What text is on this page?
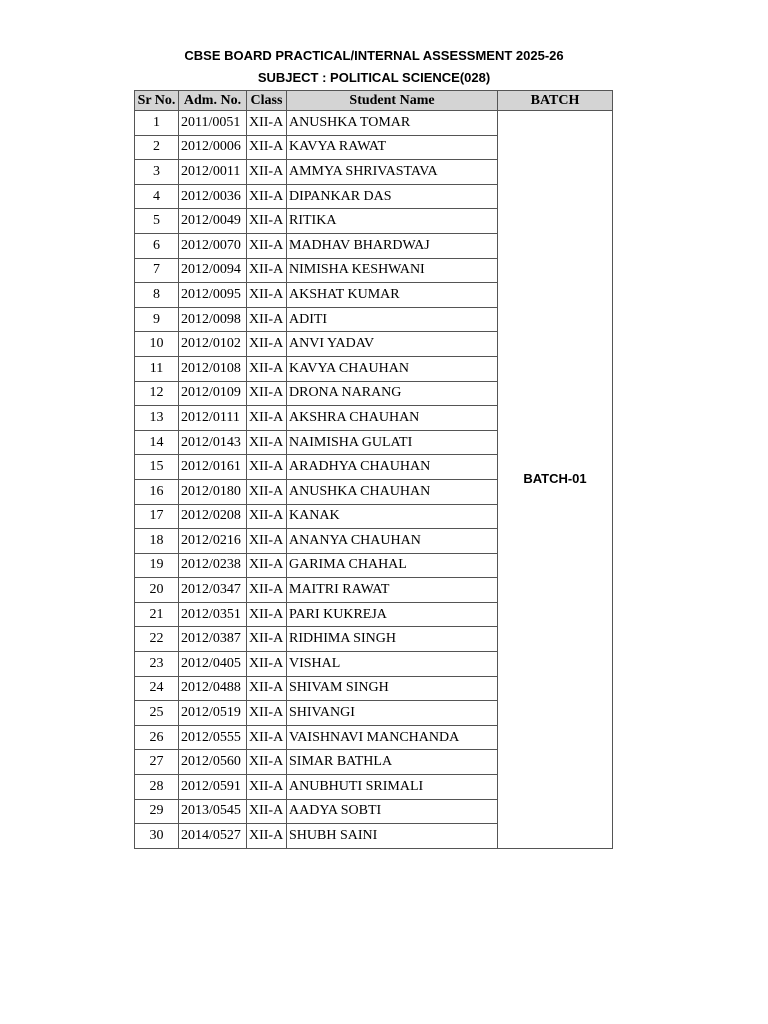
CBSE BOARD PRACTICAL/INTERNAL ASSESSMENT 2025-26
SUBJECT : POLITICAL SCIENCE(028)
Sr No.	Adm. No.	Class	Student Name	BATCH
1	2011/0051	XII-A	ANUSHKA TOMAR	BATCH-01
2	2012/0006	XII-A	KAVYA RAWAT	
3	2012/0011	XII-A	AMMYA SHRIVASTAVA	
4	2012/0036	XII-A	DIPANKAR DAS	
5	2012/0049	XII-A	RITIKA	
6	2012/0070	XII-A	MADHAV BHARDWAJ	
7	2012/0094	XII-A	NIMISHA KESHWANI	
8	2012/0095	XII-A	AKSHAT KUMAR	
9	2012/0098	XII-A	ADITI	
10	2012/0102	XII-A	ANVI YADAV	
11	2012/0108	XII-A	KAVYA CHAUHAN	
12	2012/0109	XII-A	DRONA NARANG	
13	2012/0111	XII-A	AKSHRA CHAUHAN	
14	2012/0143	XII-A	NAIMISHA GULATI	
15	2012/0161	XII-A	ARADHYA CHAUHAN	
16	2012/0180	XII-A	ANUSHKA CHAUHAN	
17	2012/0208	XII-A	KANAK	
18	2012/0216	XII-A	ANANYA CHAUHAN	
19	2012/0238	XII-A	GARIMA CHAHAL	
20	2012/0347	XII-A	MAITRI RAWAT	
21	2012/0351	XII-A	PARI KUKREJA	
22	2012/0387	XII-A	RIDHIMA SINGH	
23	2012/0405	XII-A	VISHAL	
24	2012/0488	XII-A	SHIVAM SINGH	
25	2012/0519	XII-A	SHIVANGI	
26	2012/0555	XII-A	VAISHNAVI MANCHANDA	
27	2012/0560	XII-A	SIMAR BATHLA	
28	2012/0591	XII-A	ANUBHUTI SRIMALI	
29	2013/0545	XII-A	AADYA SOBTI	
30	2014/0527	XII-A	SHUBH SAINI	
